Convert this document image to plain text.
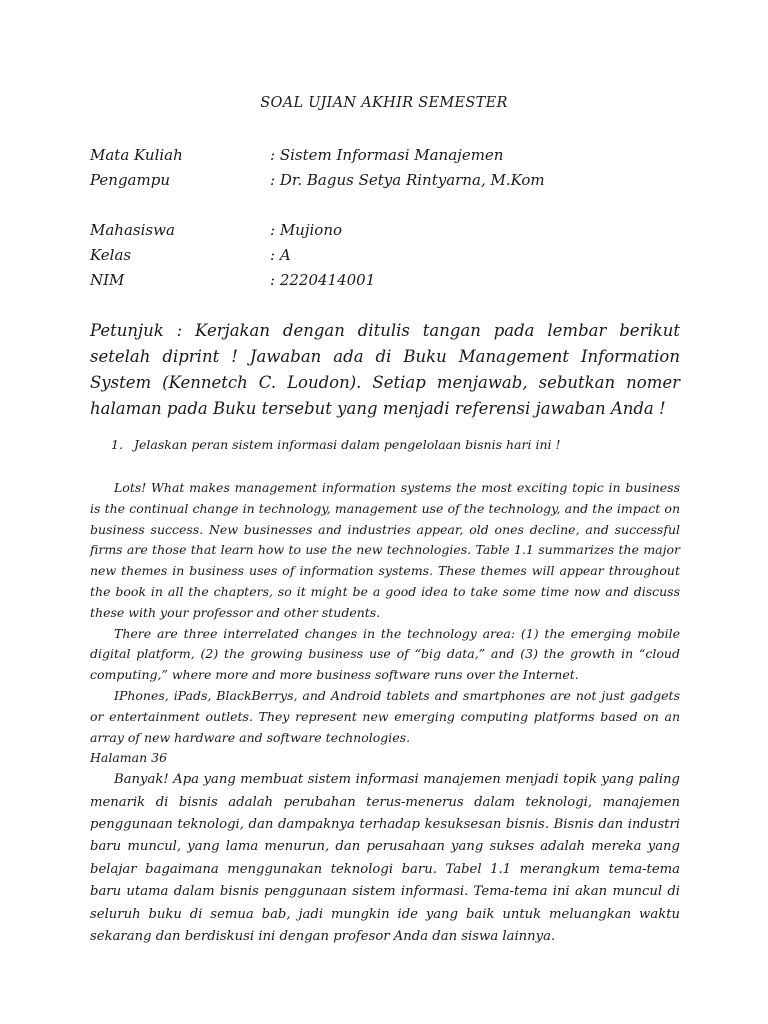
SOAL UJIAN AKHIR SEMESTER
Mata Kuliah	: Sistem Informasi Manajemen
Pengampu	: Dr. Bagus Setya Rintyarna, M.Kom
Mahasiswa	: Mujiono
Kelas	: A
NIM	: 2220414001
Petunjuk : Kerjakan dengan ditulis tangan pada lembar berikut setelah diprint ! Jawaban ada di Buku Management Information System (Kennetch C. Loudon). Setiap menjawab, sebutkan nomer halaman pada Buku tersebut yang menjadi referensi jawaban Anda !
1. Jelaskan peran sistem informasi dalam pengelolaan bisnis hari ini !

Lots! What makes management information systems the most exciting topic in business is the continual change in technology, management use of the technology, and the impact on business success. New businesses and industries appear, old ones decline, and successful firms are those that learn how to use the new technologies. Table 1.1 summarizes the major new themes in business uses of information systems. These themes will appear throughout the book in all the chapters, so it might be a good idea to take some time now and discuss these with your professor and other students.

There are three interrelated changes in the technology area: (1) the emerging mobile digital platform, (2) the growing business use of “big data,” and (3) the growth in “cloud computing,” where more and more business software runs over the Internet.

IPhones, iPads, BlackBerrys, and Android tablets and smartphones are not just gadgets or entertainment outlets. They represent new emerging computing platforms based on an array of new hardware and software technologies.

Halaman 36

Banyak! Apa yang membuat sistem informasi manajemen menjadi topik yang paling menarik di bisnis adalah perubahan terus-menerus dalam teknologi, manajemen penggunaan teknologi, dan dampaknya terhadap kesuksesan bisnis. Bisnis dan industri baru muncul, yang lama menurun, dan perusahaan yang sukses adalah mereka yang belajar bagaimana menggunakan teknologi baru. Tabel 1.1 merangkum tema-tema baru utama dalam bisnis penggunaan sistem informasi. Tema-tema ini akan muncul di seluruh buku di semua bab, jadi mungkin ide yang baik untuk meluangkan waktu sekarang dan berdiskusi ini dengan profesor Anda dan siswa lainnya.
